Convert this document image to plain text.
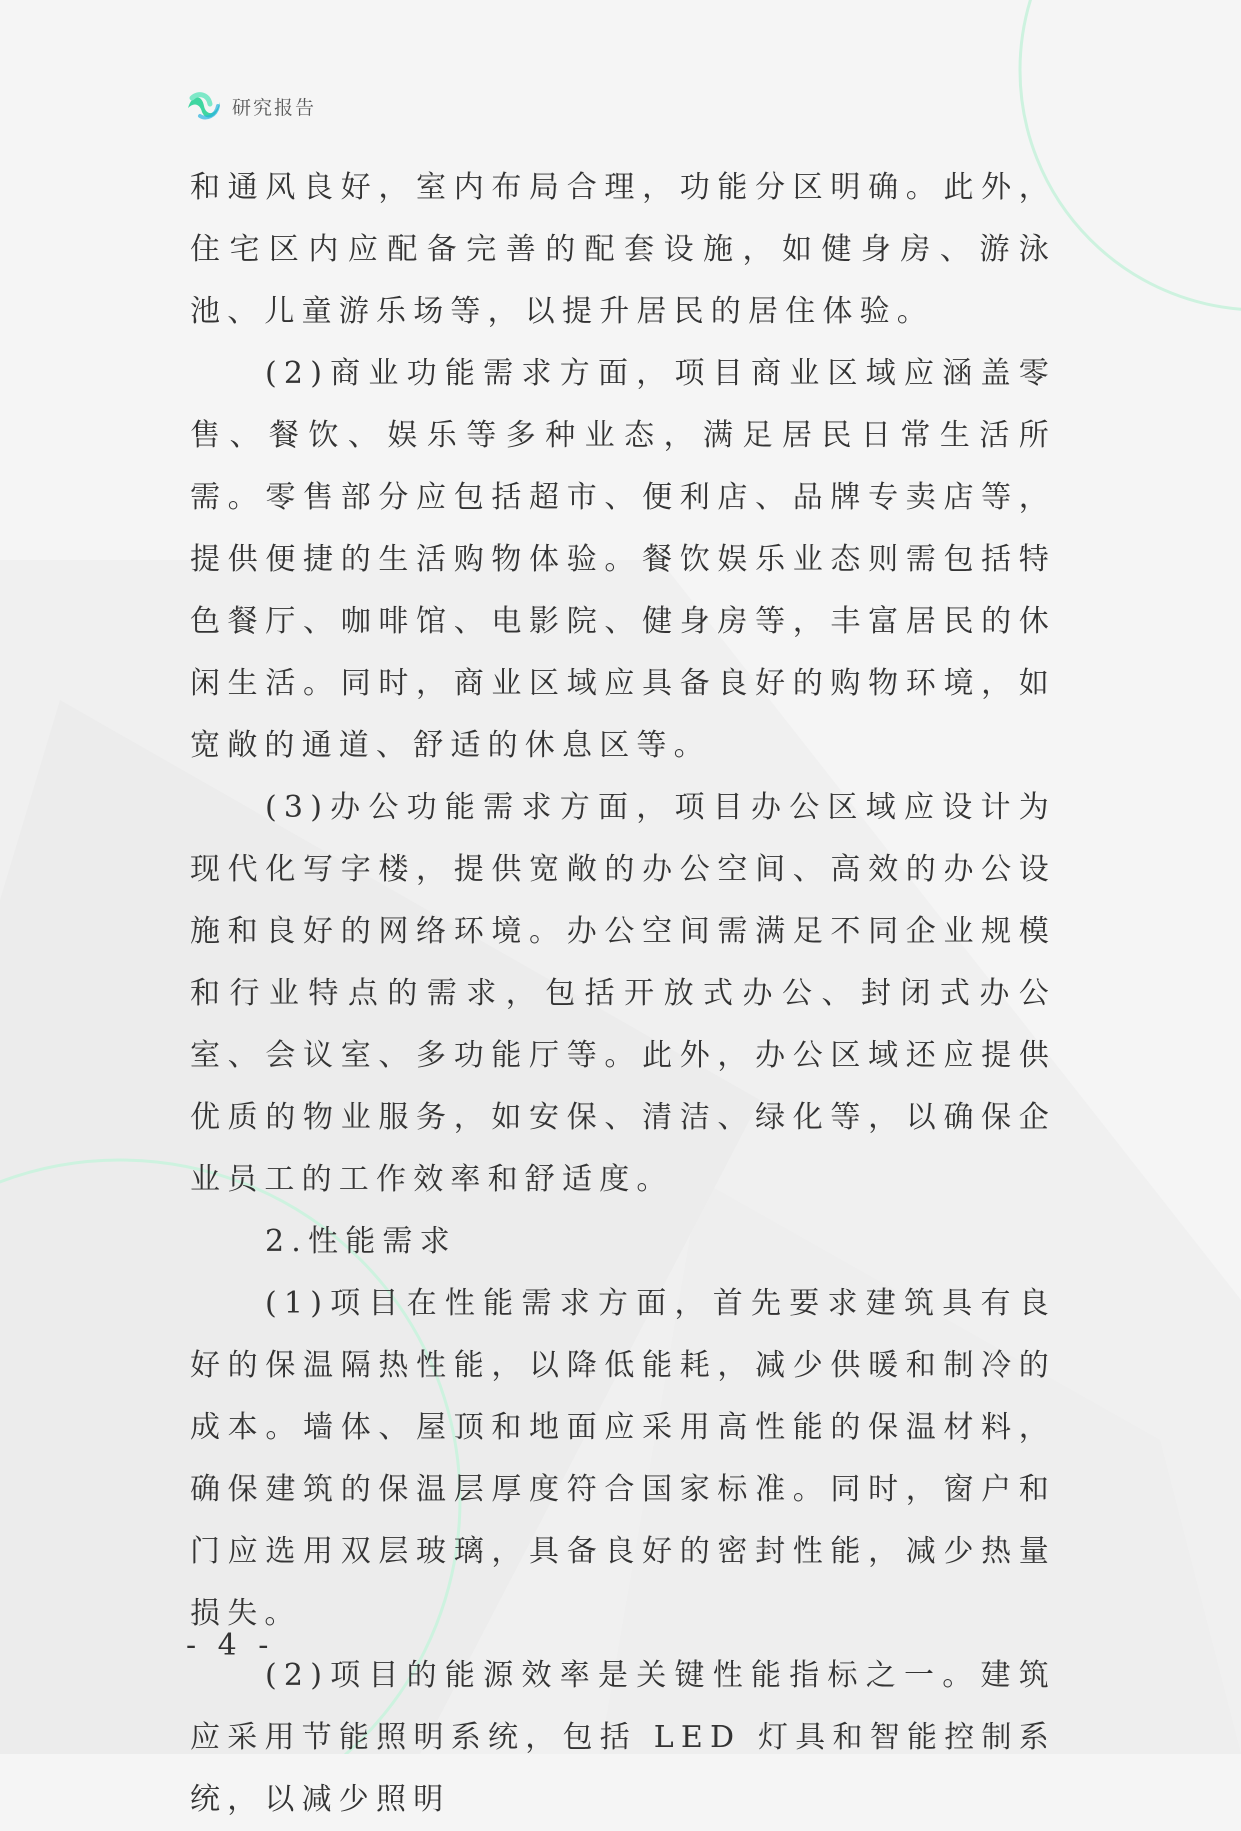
研究报告

和通风良好，室内布局合理，功能分区明确。此外，住宅区内应配备完善的配套设施，如健身房、游泳池、儿童游乐场等，以提升居民的居住体验。

(2)商业功能需求方面，项目商业区域应涵盖零售、餐饮、娱乐等多种业态，满足居民日常生活所需。零售部分应包括超市、便利店、品牌专卖店等，提供便捷的生活购物体验。餐饮娱乐业态则需包括特色餐厅、咖啡馆、电影院、健身房等，丰富居民的休闲生活。同时，商业区域应具备良好的购物环境，如宽敞的通道、舒适的休息区等。

(3)办公功能需求方面，项目办公区域应设计为现代化写字楼，提供宽敞的办公空间、高效的办公设施和良好的网络环境。办公空间需满足不同企业规模和行业特点的需求，包括开放式办公、封闭式办公室、会议室、多功能厅等。此外，办公区域还应提供优质的物业服务，如安保、清洁、绿化等，以确保企业员工的工作效率和舒适度。

2.性能需求

(1)项目在性能需求方面，首先要求建筑具有良好的保温隔热性能，以降低能耗，减少供暖和制冷的成本。墙体、屋顶和地面应采用高性能的保温材料，确保建筑的保温层厚度符合国家标准。同时，窗户和门应选用双层玻璃，具备良好的密封性能，减少热量损失。

(2)项目的能源效率是关键性能指标之一。建筑应采用节能照明系统，包括 LED 灯具和智能控制系统，以减少照明

- 4 -
